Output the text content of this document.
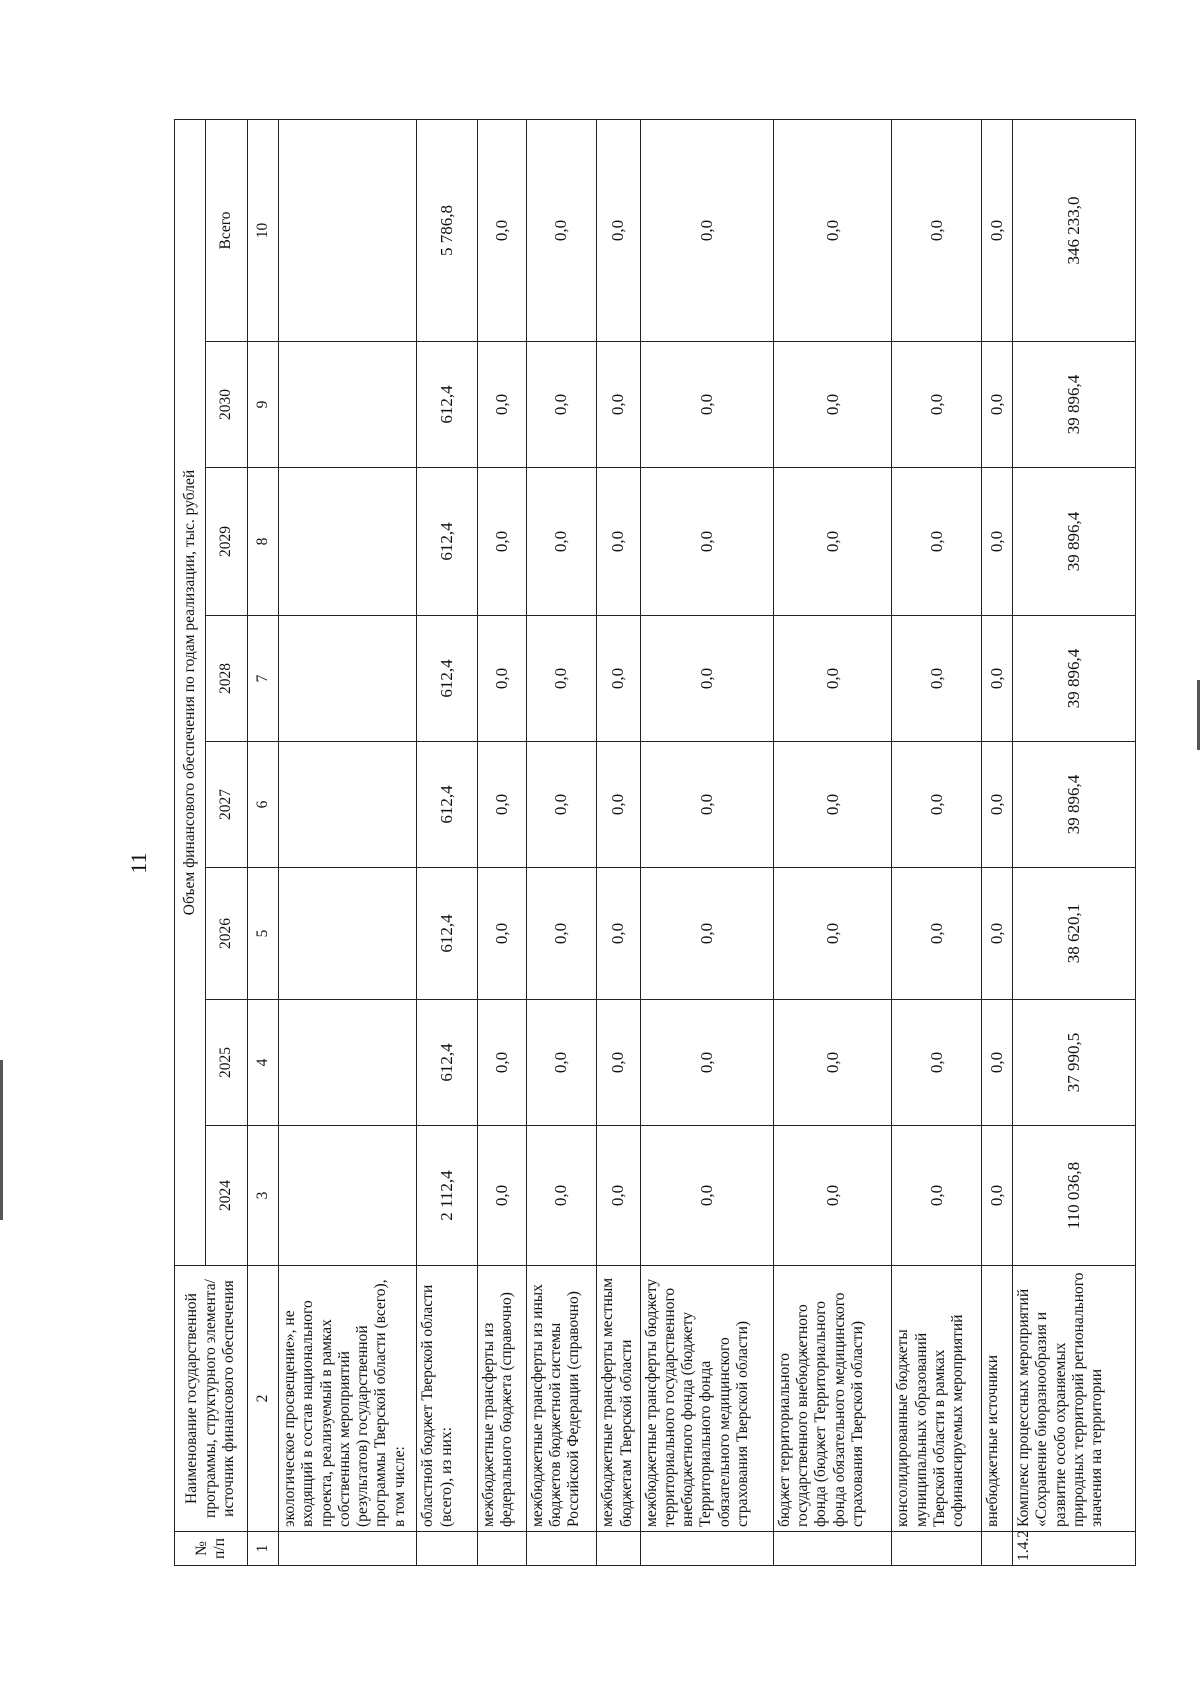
11
№ п/п	Наименование государственной программы, структурного элемента/источник финансового обеспечения	Объем финансового обеспечения по годам реализации, тыс. рублей							
		2024	2025	2026	2027	2028	2029	2030	Всего
1	2	3	4	5	6	7	8	9	10
	экологическое просвещение», не входящий в состав национального проекта, реализуемый в рамках собственных мероприятий (результатов) государственной программы Тверской области (всего), в том числе:								
	областной бюджет Тверской области (всего), из них:	2 112,4	612,4	612,4	612,4	612,4	612,4	612,4	5 786,8
	межбюджетные трансферты из федерального бюджета (справочно)	0,0	0,0	0,0	0,0	0,0	0,0	0,0	0,0
	межбюджетные трансферты из иных бюджетов бюджетной системы Российской Федерации (справочно)	0,0	0,0	0,0	0,0	0,0	0,0	0,0	0,0
	межбюджетные трансферты местным бюджетам Тверской области	0,0	0,0	0,0	0,0	0,0	0,0	0,0	0,0
	межбюджетные трансферты бюджету территориального государственного внебюджетного фонда (бюджету Территориального фонда обязательного медицинского страхования Тверской области)	0,0	0,0	0,0	0,0	0,0	0,0	0,0	0,0
	бюджет территориального государственного внебюджетного фонда (бюджет Территориального фонда обязательного медицинского страхования Тверской области)	0,0	0,0	0,0	0,0	0,0	0,0	0,0	0,0
	консолидированные бюджеты муниципальных образований Тверской области в рамках софинансируемых мероприятий	0,0	0,0	0,0	0,0	0,0	0,0	0,0	0,0
	внебюджетные источники	0,0	0,0	0,0	0,0	0,0	0,0	0,0	0,0
1.4.2	Комплекс процессных мероприятий «Сохранение биоразнообразия и развитие особо охраняемых природных территорий регионального значения на территории	110 036,8	37 990,5	38 620,1	39 896,4	39 896,4	39 896,4	39 896,4	346 233,0
